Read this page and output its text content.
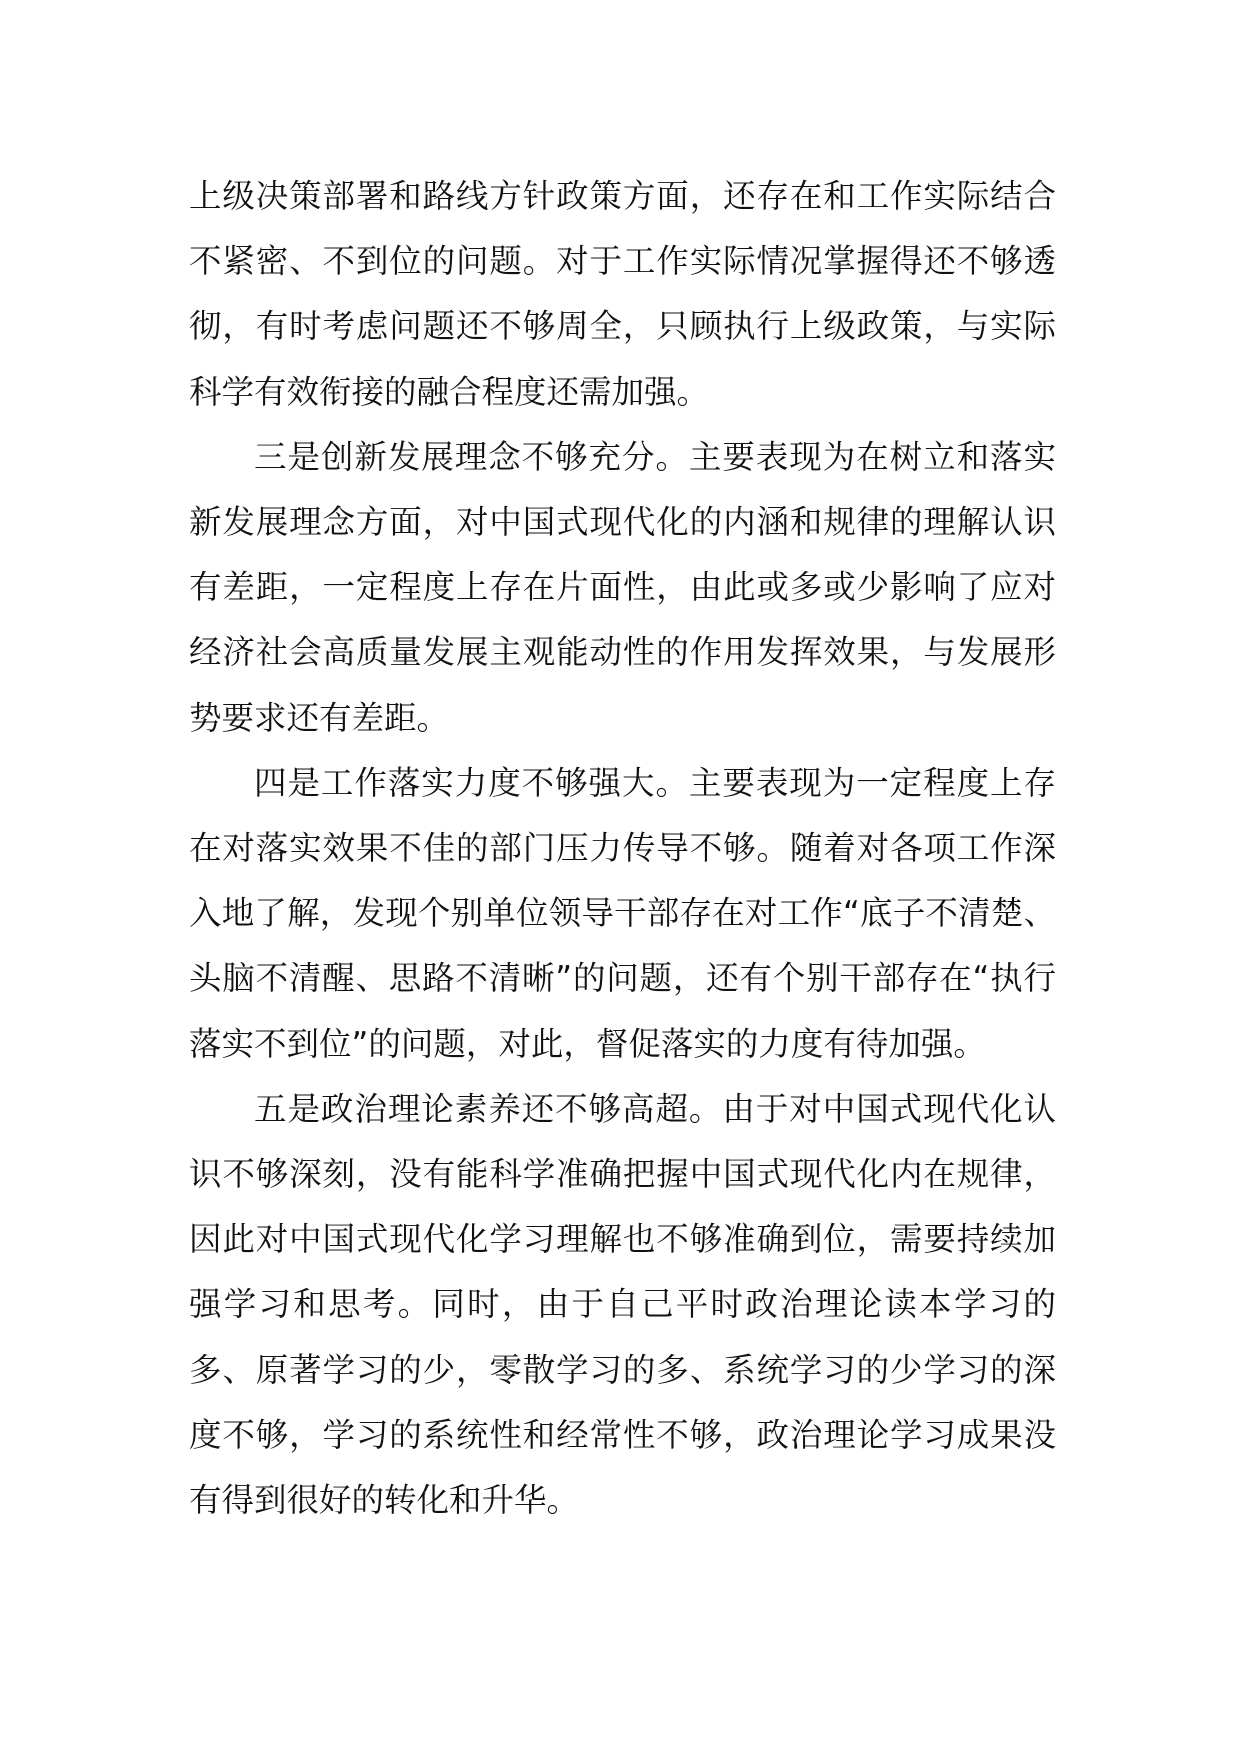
上级决策部署和路线方针政策方面，还存在和工作实际结合不紧密、不到位的问题。对于工作实际情况掌握得还不够透彻，有时考虑问题还不够周全，只顾执行上级政策，与实际科学有效衔接的融合程度还需加强。

三是创新发展理念不够充分。主要表现为在树立和落实新发展理念方面，对中国式现代化的内涵和规律的理解认识有差距，一定程度上存在片面性，由此或多或少影响了应对经济社会高质量发展主观能动性的作用发挥效果，与发展形势要求还有差距。

四是工作落实力度不够强大。主要表现为一定程度上存在对落实效果不佳的部门压力传导不够。随着对各项工作深入地了解，发现个别单位领导干部存在对工作“底子不清楚、头脑不清醒、思路不清晰”的问题，还有个别干部存在“执行落实不到位”的问题，对此，督促落实的力度有待加强。

五是政治理论素养还不够高超。由于对中国式现代化认识不够深刻，没有能科学准确把握中国式现代化内在规律，因此对中国式现代化学习理解也不够准确到位，需要持续加强学习和思考。同时，由于自己平时政治理论读本学习的多、原著学习的少，零散学习的多、系统学习的少学习的深度不够，学习的系统性和经常性不够，政治理论学习成果没有得到很好的转化和升华。
